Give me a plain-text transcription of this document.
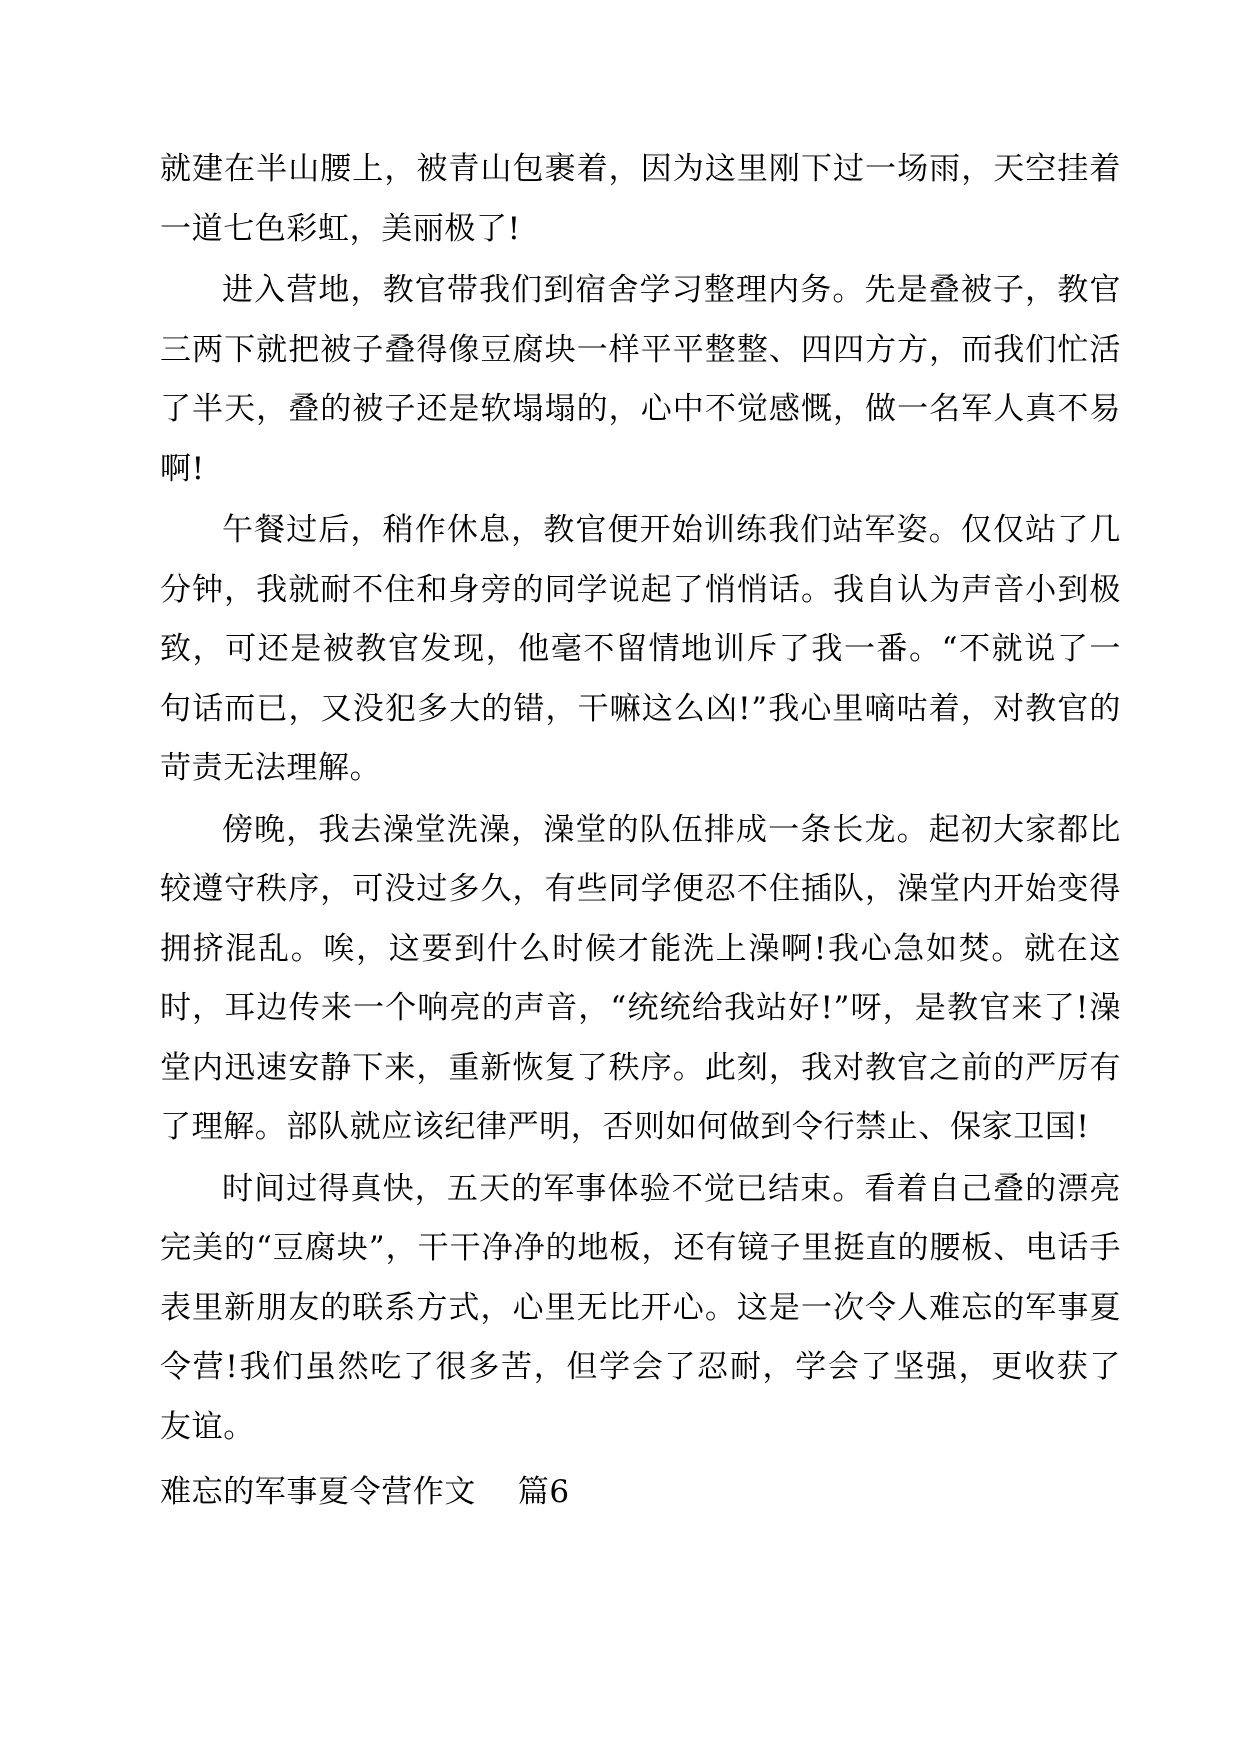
就建在半山腰上，被青山包裹着，因为这里刚下过一场雨，天空挂着一道七色彩虹，美丽极了!

进入营地，教官带我们到宿舍学习整理内务。先是叠被子，教官三两下就把被子叠得像豆腐块一样平平整整、四四方方，而我们忙活了半天，叠的被子还是软塌塌的，心中不觉感慨，做一名军人真不易啊!

午餐过后，稍作休息，教官便开始训练我们站军姿。仅仅站了几分钟，我就耐不住和身旁的同学说起了悄悄话。我自认为声音小到极致，可还是被教官发现，他毫不留情地训斥了我一番。“不就说了一句话而已，又没犯多大的错，干嘛这么凶!”我心里嘀咕着，对教官的苛责无法理解。

傍晚，我去澡堂洗澡，澡堂的队伍排成一条长龙。起初大家都比较遵守秩序，可没过多久，有些同学便忍不住插队，澡堂内开始变得拥挤混乱。唉，这要到什么时候才能洗上澡啊!我心急如焚。就在这时，耳边传来一个响亮的声音，“统统给我站好!”呀，是教官来了!澡堂内迅速安静下来，重新恢复了秩序。此刻，我对教官之前的严厉有了理解。部队就应该纪律严明，否则如何做到令行禁止、保家卫国!

时间过得真快，五天的军事体验不觉已结束。看着自己叠的漂亮完美的“豆腐块”，干干净净的地板，还有镜子里挺直的腰板、电话手表里新朋友的联系方式，心里无比开心。这是一次令人难忘的军事夏令营!我们虽然吃了很多苦，但学会了忍耐，学会了坚强，更收获了友谊。

难忘的军事夏令营作文    篇6
